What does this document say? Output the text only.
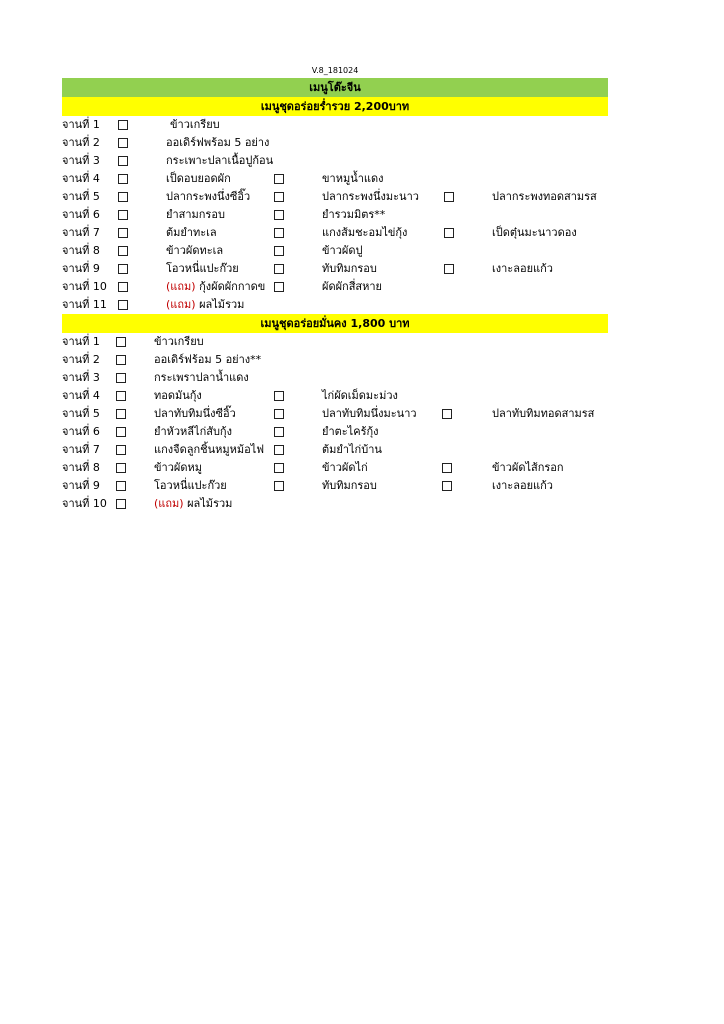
V.8_181024
เมนูโต๊ะจีน
เมนูชุดอร่อยร่ำรวย 2,200บาท
จานที่ 1	ข้าวเกรียบ
จานที่ 2	ออเดิร์ฟพร้อม 5 อย่าง
จานที่ 3	กระเพาะปลาเนื้อปูก้อน
จานที่ 4	เป็ดอบยอดผัก	ขาหมูน้ำแดง
จานที่ 5	ปลากระพงนึ่งซีอิ๊ว	ปลากระพงนึ่งมะนาว	ปลากระพงทอดสามรส
จานที่ 6	ยำสามกรอบ	ยำรวมมิตร**
จานที่ 7	ต้มยำทะเล	แกงส้มชะอมไข่กุ้ง	เป็ดตุ๋นมะนาวดอง
จานที่ 8	ข้าวผัดทะเล	ข้าวผัดปู
จานที่ 9	โอวหนี่แปะก๊วย	ทับทิมกรอบ	เงาะลอยแก้ว
จานที่ 10	(แถม) กุ้งผัดผักกาดข	ผัดผักสี่สหาย
จานที่ 11	(แถม) ผลไม้รวม
เมนูชุดอร่อยมั่นคง 1,800 บาท
จานที่ 1	ข้าวเกรียบ
จานที่ 2	ออเดิร์ฟร้อม 5 อย่าง**
จานที่ 3	กระเพราปลาน้ำแดง
จานที่ 4	ทอดมันกุ้ง	ไก่ผัดเม็ดมะม่วง
จานที่ 5	ปลาทับทิมนึ่งซีอิ๊ว	ปลาทับทิมนึ่งมะนาว	ปลาทับทิมทอดสามรส
จานที่ 6	ยำหัวหลีไก่สับกุ้ง	ยำตะไคร้กุ้ง
จานที่ 7	แกงจืดลูกชิ้นหมูหม้อไฟ	ต้มยำไก่บ้าน
จานที่ 8	ข้าวผัดหมู	ข้าวผัดไก่	ข้าวผัดไส้กรอก
จานที่ 9	โอวหนี่แปะก๊วย	ทับทิมกรอบ	เงาะลอยแก้ว
จานที่ 10	(แถม) ผลไม้รวม
